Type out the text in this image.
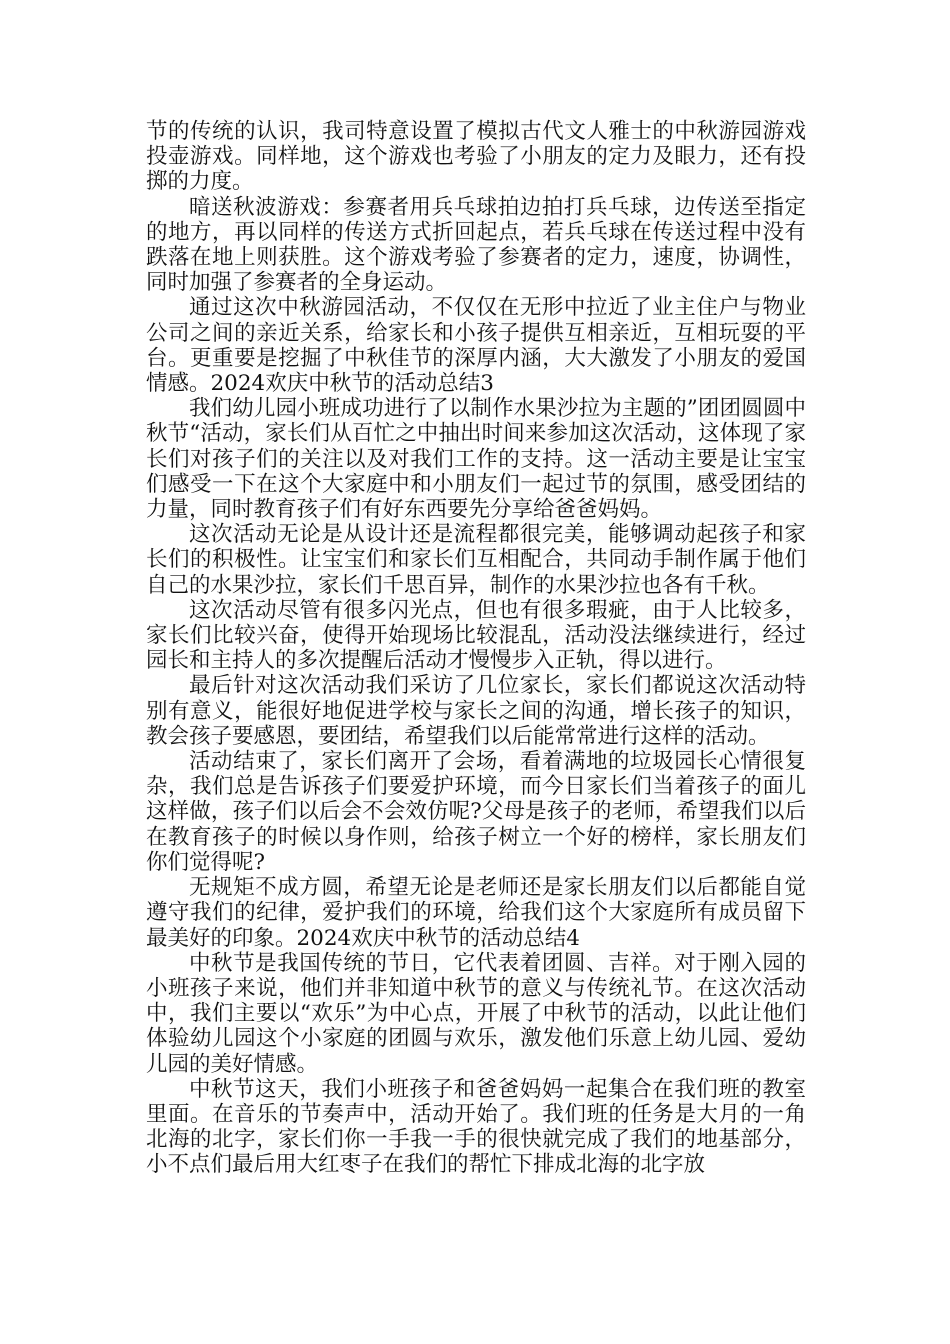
节的传统的认识，我司特意设置了模拟古代文人雅士的中秋游园游戏投壶游戏。同样地，这个游戏也考验了小朋友的定力及眼力，还有投掷的力度。

暗送秋波游戏：参赛者用兵乓球拍边拍打兵乓球，边传送至指定的地方，再以同样的传送方式折回起点，若兵乓球在传送过程中没有跌落在地上则获胜。这个游戏考验了参赛者的定力，速度，协调性，同时加强了参赛者的全身运动。

通过这次中秋游园活动，不仅仅在无形中拉近了业主住户与物业公司之间的亲近关系，给家长和小孩子提供互相亲近，互相玩耍的平台。更重要是挖掘了中秋佳节的深厚内涵，大大激发了小朋友的爱国情感。2024欢庆中秋节的活动总结3

我们幼儿园小班成功进行了以制作水果沙拉为主题的”团团圆圆中秋节“活动，家长们从百忙之中抽出时间来参加这次活动，这体现了家长们对孩子们的关注以及对我们工作的支持。这一活动主要是让宝宝们感受一下在这个大家庭中和小朋友们一起过节的氛围，感受团结的力量，同时教育孩子们有好东西要先分享给爸爸妈妈。

这次活动无论是从设计还是流程都很完美，能够调动起孩子和家长们的积极性。让宝宝们和家长们互相配合，共同动手制作属于他们自己的水果沙拉，家长们千思百异，制作的水果沙拉也各有千秋。

这次活动尽管有很多闪光点，但也有很多瑕疵，由于人比较多，家长们比较兴奋，使得开始现场比较混乱，活动没法继续进行，经过园长和主持人的多次提醒后活动才慢慢步入正轨，得以进行。

最后针对这次活动我们采访了几位家长，家长们都说这次活动特别有意义，能很好地促进学校与家长之间的沟通，增长孩子的知识，教会孩子要感恩，要团结，希望我们以后能常常进行这样的活动。

活动结束了，家长们离开了会场，看着满地的垃圾园长心情很复杂，我们总是告诉孩子们要爱护环境，而今日家长们当着孩子的面儿这样做，孩子们以后会不会效仿呢?父母是孩子的老师，希望我们以后在教育孩子的时候以身作则，给孩子树立一个好的榜样，家长朋友们你们觉得呢?

无规矩不成方圆，希望无论是老师还是家长朋友们以后都能自觉遵守我们的纪律，爱护我们的环境，给我们这个大家庭所有成员留下最美好的印象。2024欢庆中秋节的活动总结4

中秋节是我国传统的节日，它代表着团圆、吉祥。对于刚入园的小班孩子来说，他们并非知道中秋节的意义与传统礼节。在这次活动中，我们主要以“欢乐”为中心点，开展了中秋节的活动，以此让他们体验幼儿园这个小家庭的团圆与欢乐，激发他们乐意上幼儿园、爱幼儿园的美好情感。

中秋节这天，我们小班孩子和爸爸妈妈一起集合在我们班的教室里面。在音乐的节奏声中，活动开始了。我们班的任务是大月的一角北海的北字，家长们你一手我一手的很快就完成了我们的地基部分，小不点们最后用大红枣子在我们的帮忙下排成北海的北字放
